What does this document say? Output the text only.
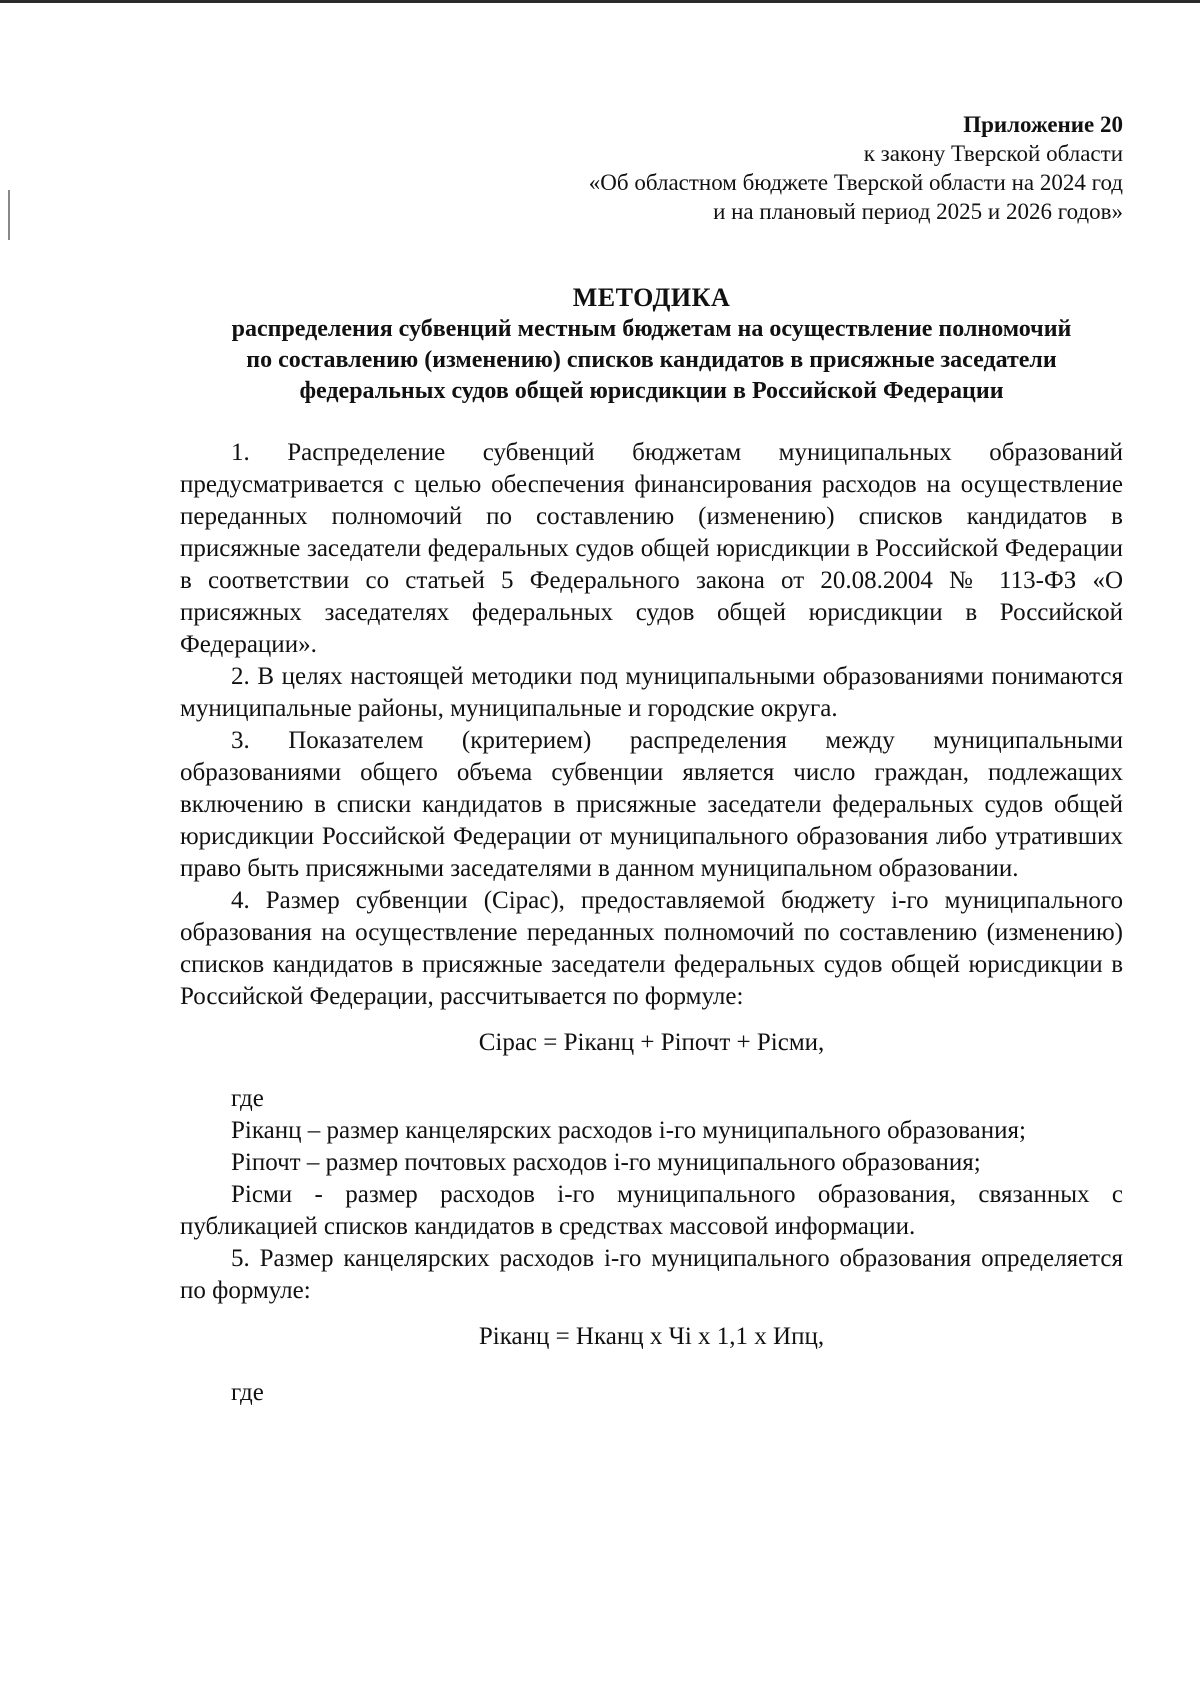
Приложение 20
к закону Тверской области
«Об областном бюджете Тверской области на 2024 год
и на плановый период 2025 и 2026 годов»
МЕТОДИКА
распределения субвенций местным бюджетам на осуществление полномочий по составлению (изменению) списков кандидатов в присяжные заседатели федеральных судов общей юрисдикции в Российской Федерации

1. Распределение субвенций бюджетам муниципальных образований предусматривается с целью обеспечения финансирования расходов на осуществление переданных полномочий по составлению (изменению) списков кандидатов в присяжные заседатели федеральных судов общей юрисдикции в Российской Федерации в соответствии со статьей 5 Федерального закона от 20.08.2004 № 113-ФЗ «О присяжных заседателях федеральных судов общей юрисдикции в Российской Федерации».

2. В целях настоящей методики под муниципальными образованиями понимаются муниципальные районы, муниципальные и городские округа.

3. Показателем (критерием) распределения между муниципальными образованиями общего объема субвенции является число граждан, подлежащих включению в списки кандидатов в присяжные заседатели федеральных судов общей юрисдикции Российской Федерации от муниципального образования либо утративших право быть присяжными заседателями в данном муниципальном образовании.

4. Размер субвенции (Сiрас), предоставляемой бюджету i-го муниципального образования на осуществление переданных полномочий по составлению (изменению) списков кандидатов в присяжные заседатели федеральных судов общей юрисдикции в Российской Федерации, рассчитывается по формуле:

Сiрас = Рiканц + Рiпочт + Рiсми,

где

Рiканц – размер канцелярских расходов i-го муниципального образования;

Рiпочт – размер почтовых расходов i-го муниципального образования;

Рiсми - размер расходов i-го муниципального образования, связанных с публикацией списков кандидатов в средствах массовой информации.

5. Размер канцелярских расходов i-го муниципального образования определяется по формуле:

Рiканц = Нканц х Чi х 1,1 х Ипц,

где
